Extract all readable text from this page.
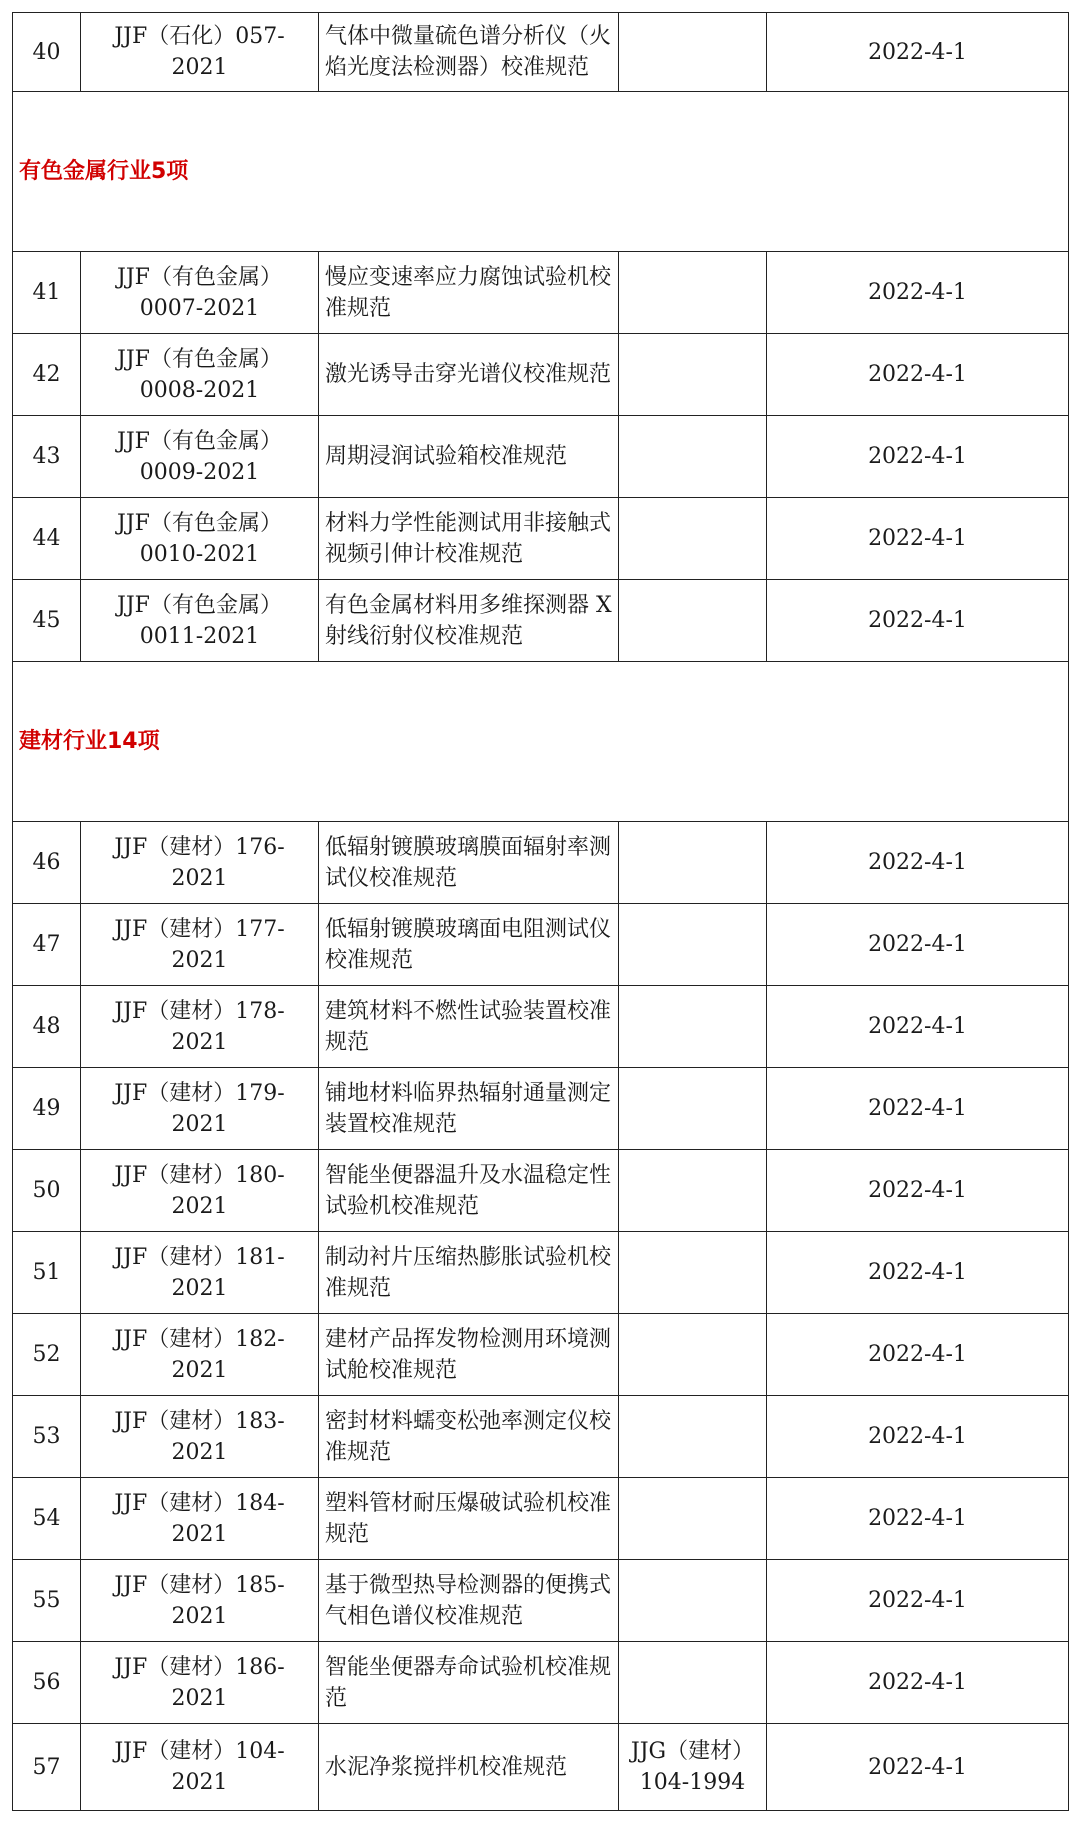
40	JJF（石化）057-2021	气体中微量硫色谱分析仪（火焰光度法检测器）校准规范		2022-4-1
有色金属行业5项				
41	JJF（有色金属）0007-2021	慢应变速率应力腐蚀试验机校准规范		2022-4-1
42	JJF（有色金属）0008-2021	激光诱导击穿光谱仪校准规范		2022-4-1
43	JJF（有色金属）0009-2021	周期浸润试验箱校准规范		2022-4-1
44	JJF（有色金属）0010-2021	材料力学性能测试用非接触式视频引伸计校准规范		2022-4-1
45	JJF（有色金属）0011-2021	有色金属材料用多维探测器 X 射线衍射仪校准规范		2022-4-1
建材行业14项				
46	JJF（建材）176-2021	低辐射镀膜玻璃膜面辐射率测试仪校准规范		2022-4-1
47	JJF（建材）177-2021	低辐射镀膜玻璃面电阻测试仪校准规范		2022-4-1
48	JJF（建材）178-2021	建筑材料不燃性试验装置校准规范		2022-4-1
49	JJF（建材）179-2021	铺地材料临界热辐射通量测定装置校准规范		2022-4-1
50	JJF（建材）180-2021	智能坐便器温升及水温稳定性试验机校准规范		2022-4-1
51	JJF（建材）181-2021	制动衬片压缩热膨胀试验机校准规范		2022-4-1
52	JJF（建材）182-2021	建材产品挥发物检测用环境测试舱校准规范		2022-4-1
53	JJF（建材）183-2021	密封材料蠕变松弛率测定仪校准规范		2022-4-1
54	JJF（建材）184-2021	塑料管材耐压爆破试验机校准规范		2022-4-1
55	JJF（建材）185-2021	基于微型热导检测器的便携式气相色谱仪校准规范		2022-4-1
56	JJF（建材）186-2021	智能坐便器寿命试验机校准规范		2022-4-1
57	JJF（建材）104-2021	水泥净浆搅拌机校准规范	JJG（建材）104-1994	2022-4-1
